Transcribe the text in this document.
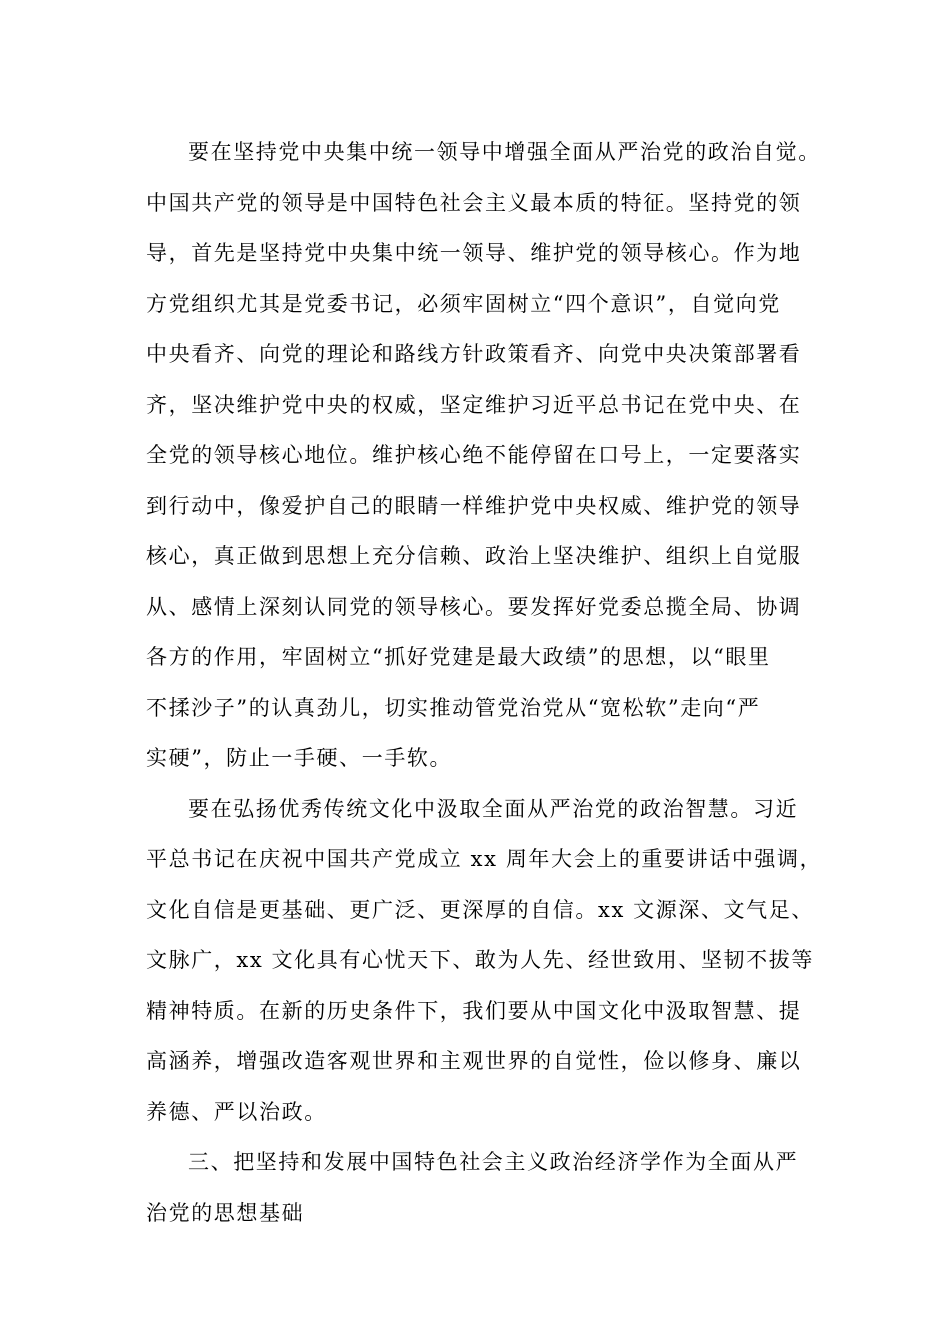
要在坚持党中央集中统一领导中增强全面从严治党的政治自觉。
中国共产党的领导是中国特色社会主义最本质的特征。坚持党的领
导，首先是坚持党中央集中统一领导、维护党的领导核心。作为地
方党组织尤其是党委书记，必须牢固树立“四个意识”，自觉向党
中央看齐、向党的理论和路线方针政策看齐、向党中央决策部署看
齐，坚决维护党中央的权威，坚定维护习近平总书记在党中央、在
全党的领导核心地位。维护核心绝不能停留在口号上，一定要落实
到行动中，像爱护自己的眼睛一样维护党中央权威、维护党的领导
核心，真正做到思想上充分信赖、政治上坚决维护、组织上自觉服
从、感情上深刻认同党的领导核心。要发挥好党委总揽全局、协调
各方的作用，牢固树立“抓好党建是最大政绩”的思想，以“眼里
不揉沙子”的认真劲儿，切实推动管党治党从“宽松软”走向“严
实硬”，防止一手硬、一手软。

要在弘扬优秀传统文化中汲取全面从严治党的政治智慧。习近
平总书记在庆祝中国共产党成立 xx 周年大会上的重要讲话中强调，
文化自信是更基础、更广泛、更深厚的自信。xx 文源深、文气足、
文脉广，xx 文化具有心忧天下、敢为人先、经世致用、坚韧不拔等
精神特质。在新的历史条件下，我们要从中国文化中汲取智慧、提
高涵养，增强改造客观世界和主观世界的自觉性，俭以修身、廉以
养德、严以治政。

三、把坚持和发展中国特色社会主义政治经济学作为全面从严
治党的思想基础
